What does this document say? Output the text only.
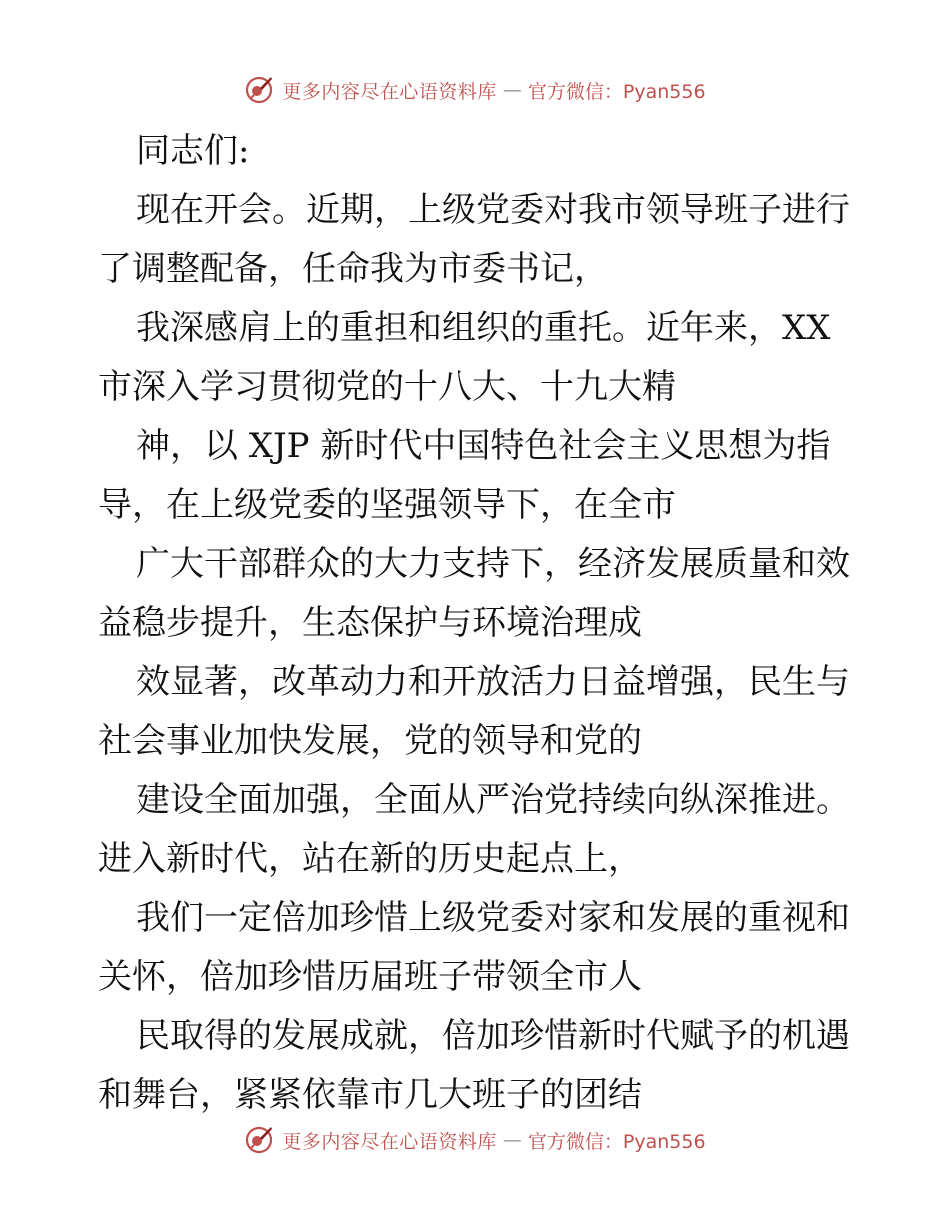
更多内容尽在心语资料库 — 官方微信：Pyan556
同志们:
现在开会。近期，上级党委对我市领导班子进行
了调整配备，任命我为市委书记，
我深感肩上的重担和组织的重托。近年来，XX
市深入学习贯彻党的十八大、十九大精
神，以 XJP 新时代中国特色社会主义思想为指
导，在上级党委的坚强领导下，在全市
广大干部群众的大力支持下，经济发展质量和效
益稳步提升，生态保护与环境治理成
效显著，改革动力和开放活力日益增强，民生与
社会事业加快发展，党的领导和党的
建设全面加强，全面从严治党持续向纵深推进。
进入新时代，站在新的历史起点上，
我们一定倍加珍惜上级党委对家和发展的重视和
关怀，倍加珍惜历届班子带领全市人
民取得的发展成就，倍加珍惜新时代赋予的机遇
和舞台，紧紧依靠市几大班子的团结
更多内容尽在心语资料库 — 官方微信：Pyan556
